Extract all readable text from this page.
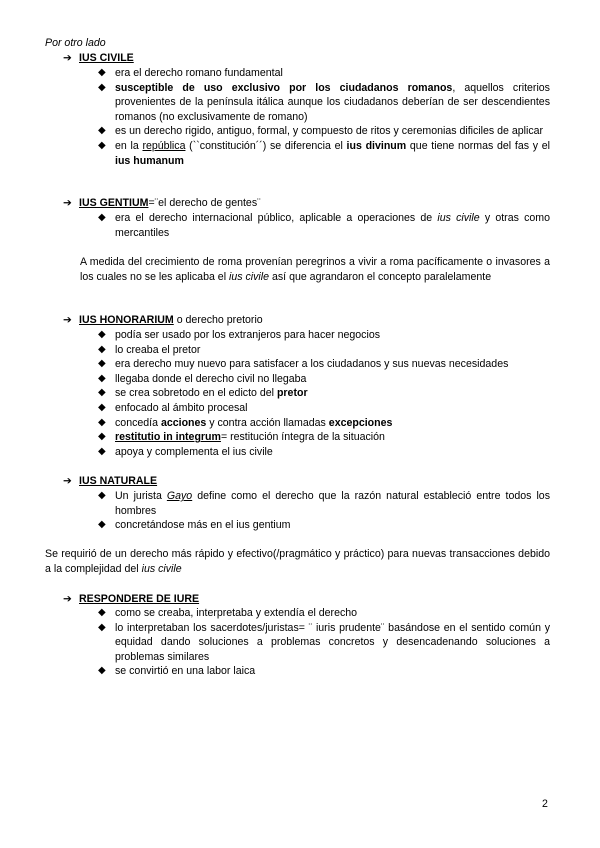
Por otro lado
➔ IUS CIVILE
◆ era el derecho romano fundamental
◆ susceptible de uso exclusivo por los ciudadanos romanos, aquellos criterios provenientes de la península itálica aunque los ciudadanos deberían de ser descendientes romanos (no exclusivamente de romano)
◆ es un derecho rigido, antiguo, formal, y compuesto de ritos y ceremonias dificiles de aplicar
◆ en la república (``constitución´´) se diferencia el ius divinum que tiene normas del fas y el ius humanum
➔ IUS GENTIUM=¨el derecho de gentes¨
◆ era el derecho internacional público, aplicable a operaciones de ius civile y otras como mercantiles
A medida del crecimiento de roma provenían peregrinos a vivir a roma pacíficamente o invasores a los cuales no se les aplicaba el ius civile así que agrandaron el concepto paralelamente
➔ IUS HONORARIUM o derecho pretorio
◆ podía ser usado por los extranjeros para hacer negocios
◆ lo creaba el pretor
◆ era derecho muy nuevo para satisfacer a los ciudadanos y sus nuevas necesidades
◆ llegaba donde el derecho civil no llegaba
◆ se crea sobretodo en el edicto del pretor
◆ enfocado al ámbito procesal
◆ concedía acciones y contra acción llamadas excepciones
◆ restitutio in integrum= restitución íntegra de la situación
◆ apoya y complementa el ius civile
➔ IUS NATURALE
◆ Un jurista Gayo define como el derecho que la razón natural estableció entre todos los hombres
◆ concretándose más en el ius gentium
Se requirió de un derecho más rápido y efectivo(/pragmático y práctico) para nuevas transacciones debido a la complejidad del ius civile
➔ RESPONDERE DE IURE
◆ como se creaba, interpretaba y extendía el derecho
◆ lo interpretaban los sacerdotes/juristas= ¨ iuris prudente¨ basándose en el sentido común y equidad dando soluciones a problemas concretos y desencadenando soluciones a problemas similares
◆ se convirtió en una labor laica
2
